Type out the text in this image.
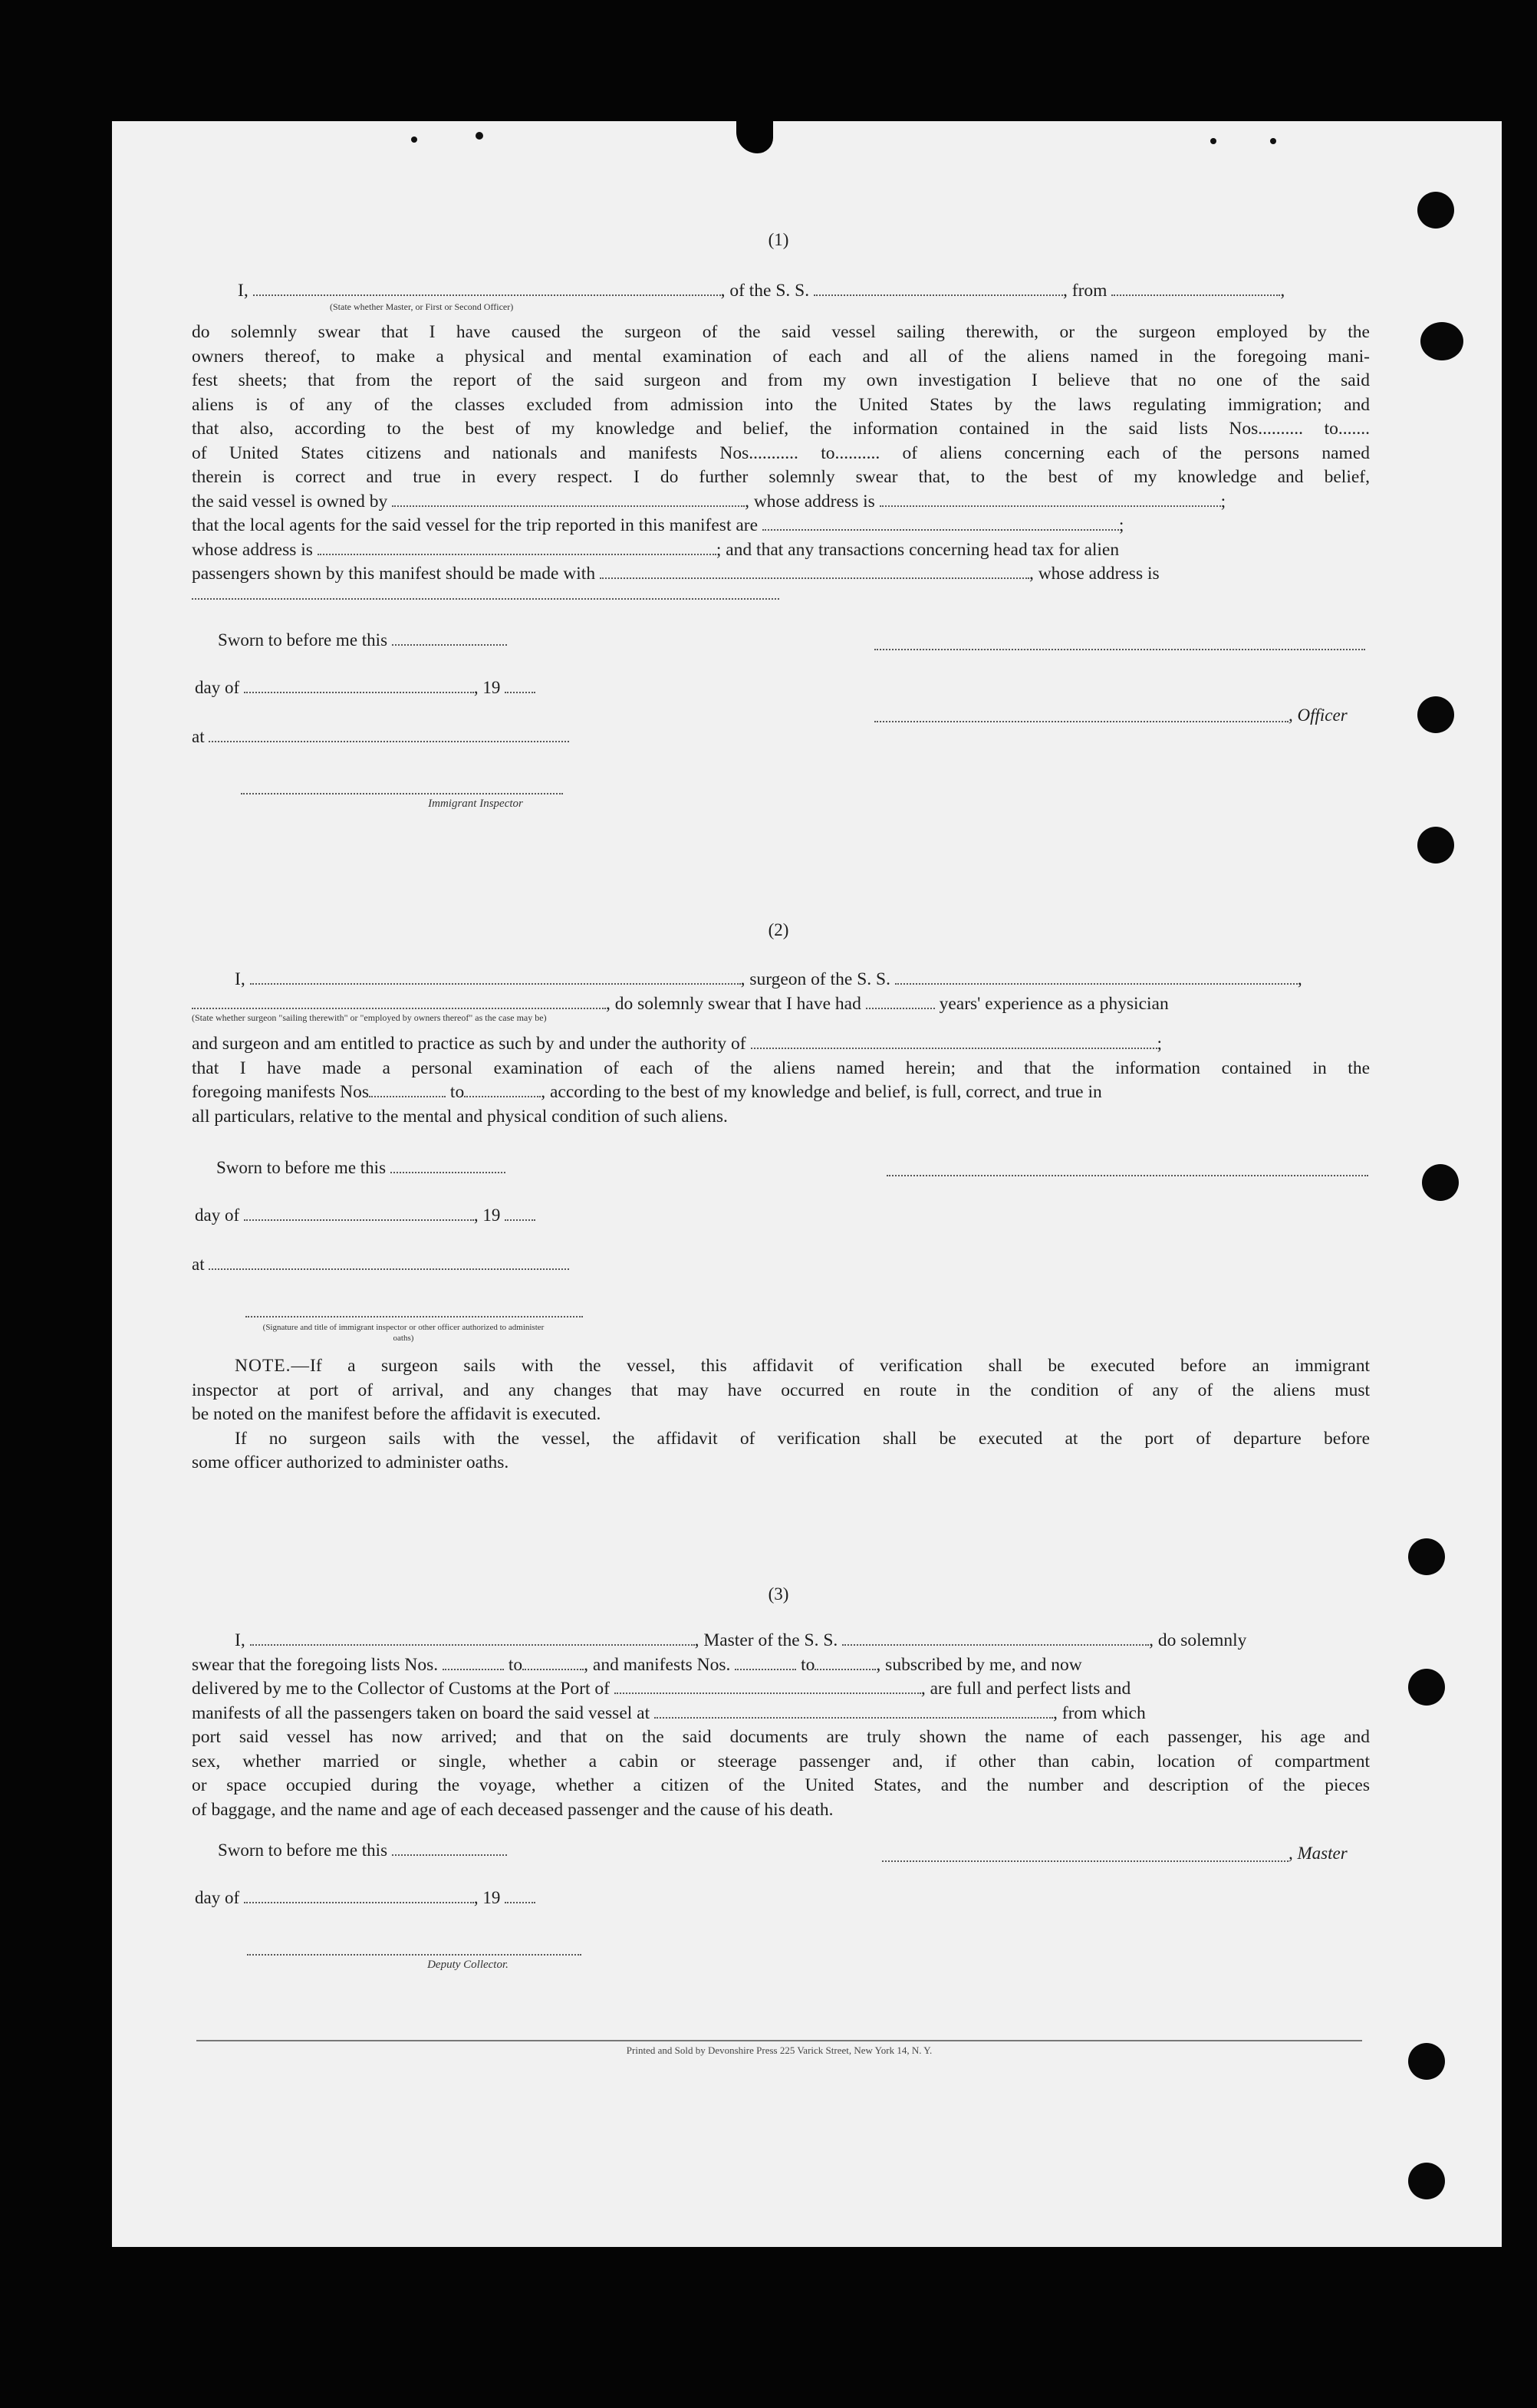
(1)
I,	, of the S. S.	, from	,
(State whether Master, or First or Second Officer)
do solemnly swear that I have caused the surgeon of the said vessel sailing therewith, or the surgeon employed by the
owners thereof, to make a physical and mental examination of each and all of the aliens named in the foregoing mani-
fest sheets; that from the report of the said surgeon and from my own investigation I believe that no one of the said
aliens is of any of the classes excluded from admission into the United States by the laws regulating immigration; and
that also, according to the best of my knowledge and belief, the information contained in the said lists Nos.......... to.......
of United States citizens and nationals and manifests Nos........... to.......... of aliens concerning each of the persons named
therein is correct and true in every respect. I do further solemnly swear that, to the best of my knowledge and belief,
the said vessel is owned by	, whose address is	;
that the local agents for the said vessel for the trip reported in this manifest are	;
whose address is	; and that any transactions concerning head tax for alien
passengers shown by this manifest should be made with	, whose address is
Sworn to before me this
day of	, 19
at
Immigrant Inspector
, Officer
(2)
I,	, surgeon of the S. S.	,
, do solemnly swear that I have had	years' experience as a physician
(State whether surgeon "sailing therewith" or "employed by owners thereof" as the case may be)
and surgeon and am entitled to practice as such by and under the authority of	;
that I have made a personal examination of each of the aliens named herein; and that the information contained in the
foregoing manifests Nos	to	, according to the best of my knowledge and belief, is full, correct, and true in
all particulars, relative to the mental and physical condition of such aliens.
Sworn to before me this
day of	, 19
at
(Signature and title of immigrant inspector or other officer authorized to administer oaths)
NOTE.—If a surgeon sails with the vessel, this affidavit of verification shall be executed before an immigrant
inspector at port of arrival, and any changes that may have occurred en route in the condition of any of the aliens must
be noted on the manifest before the affidavit is executed.
If no surgeon sails with the vessel, the affidavit of verification shall be executed at the port of departure before
some officer authorized to administer oaths.
(3)
I,	, Master of the S. S.	, do solemnly
swear that the foregoing lists Nos.	to	, and manifests Nos.	to	, subscribed by me, and now
delivered by me to the Collector of Customs at the Port of	, are full and perfect lists and
manifests of all the passengers taken on board the said vessel at	, from which
port said vessel has now arrived; and that on the said documents are truly shown the name of each passenger, his age and
sex, whether married or single, whether a cabin or steerage passenger and, if other than cabin, location of compartment
or space occupied during the voyage, whether a citizen of the United States, and the number and description of the pieces
of baggage, and the name and age of each deceased passenger and the cause of his death.
Sworn to before me this
day of	, 19
Deputy Collector.
, Master
Printed and Sold by Devonshire Press 225 Varick Street, New York 14, N. Y.
